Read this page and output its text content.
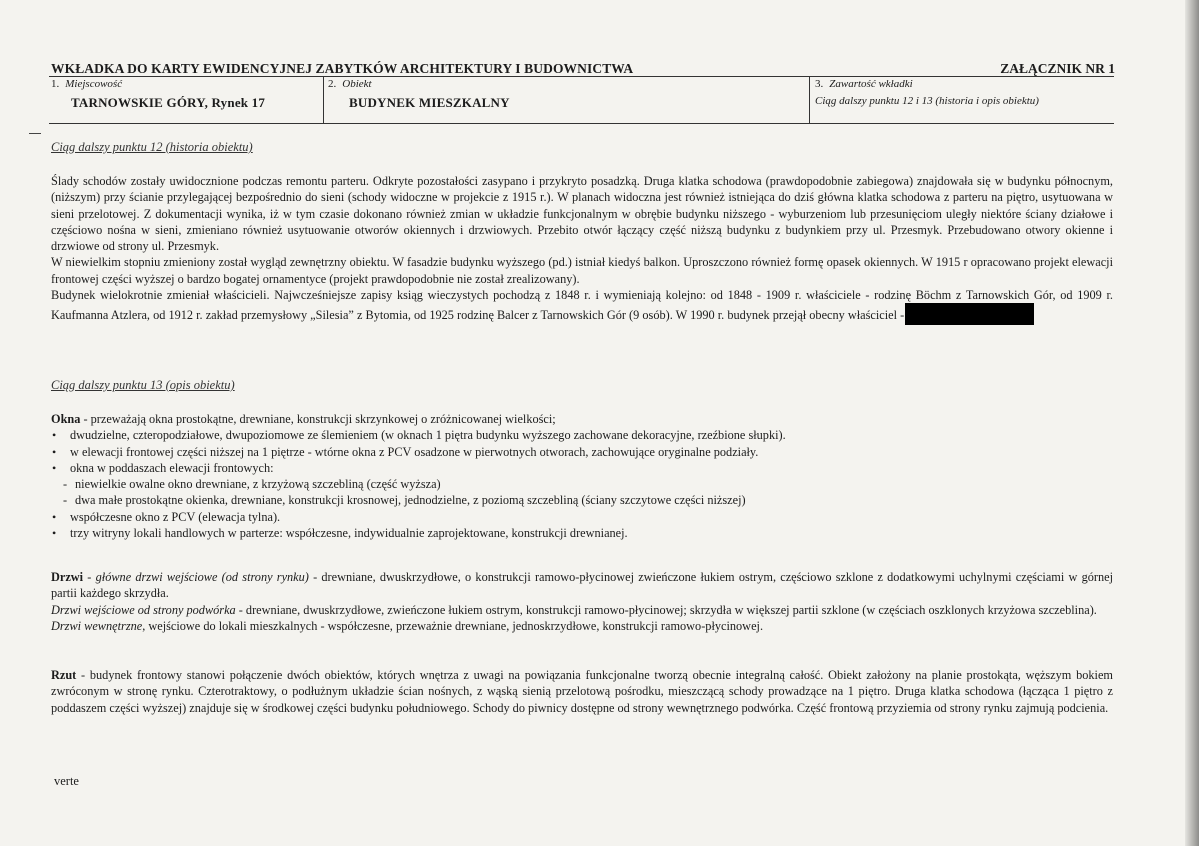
WKŁADKA DO KARTY EWIDENCYJNEJ ZABYTKÓW ARCHITEKTURY I BUDOWNICTWA	ZAŁĄCZNIK NR 1
1. Miejscowość
TARNOWSKIE GÓRY, Rynek 17
2. Obiekt
BUDYNEK MIESZKALNY
3. Zawartość wkładki
Ciąg dalszy punktu 12 i 13 (historia i opis obiektu)
Ciąg dalszy punktu 12 (historia obiektu)

Ślady schodów zostały uwidocznione podczas remontu parteru. Odkryte pozostałości zasypano i przykryto posadzką. Druga klatka schodowa (prawdopodobnie zabiegowa) znajdowała się w budynku północnym, (niższym) przy ścianie przylegającej bezpośrednio do sieni (schody widoczne w projekcie z 1915 r.). W planach widoczna jest również istniejąca do dziś główna klatka schodowa z parteru na piętro, usytuowana w sieni przelotowej. Z dokumentacji wynika, iż w tym czasie dokonano również zmian w układzie funkcjonalnym w obrębie budynku niższego - wyburzeniom lub przesunięciom uległy niektóre ściany działowe i częściowo nośna w sieni, zmieniano również usytuowanie otworów okiennych i drzwiowych. Przebito otwór łączący część niższą budynku z budynkiem przy ul. Przesmyk. Przebudowano otwory okienne i drzwiowe od strony ul. Przesmyk.

W niewielkim stopniu zmieniony został wygląd zewnętrzny obiektu. W fasadzie budynku wyższego (pd.) istniał kiedyś balkon. Uproszczono również formę opasek okiennych. W 1915 r opracowano projekt elewacji frontowej części wyższej o bardzo bogatej ornamentyce (projekt prawdopodobnie nie został zrealizowany).

Budynek wielokrotnie zmieniał właścicieli. Najwcześniejsze zapisy ksiąg wieczystych pochodzą z 1848 r. i wymieniają kolejno: od 1848 - 1909 r. właściciele - rodzinę Böchm z Tarnowskich Gór, od 1909 r. Kaufmanna Atzlera, od 1912 r. zakład przemysłowy „Silesia” z Bytomia, od 1925 rodzinę Balcer z Tarnowskich Gór (9 osób). W 1990 r. budynek przejął obecny właściciel -

Ciąg dalszy punktu 13 (opis obiektu)

Okna - przeważają okna prostokątne, drewniane, konstrukcji skrzynkowej o zróżnicowanej wielkości;

• dwudzielne, czteropodziałowe, dwupoziomowe ze ślemieniem (w oknach 1 piętra budynku wyższego zachowane dekoracyjne, rzeźbione słupki).
• w elewacji frontowej części niższej na 1 piętrze - wtórne okna z PCV osadzone w pierwotnych otworach, zachowujące oryginalne podziały.
• okna w poddaszach elewacji frontowych:
- niewielkie owalne okno drewniane, z krzyżową szczebliną (część wyższa)
- dwa małe prostokątne okienka, drewniane, konstrukcji krosnowej, jednodzielne, z poziomą szczebliną (ściany szczytowe części niższej)
• współczesne okno z PCV (elewacja tylna).
• trzy witryny lokali handlowych w parterze: współczesne, indywidualnie zaprojektowane, konstrukcji drewnianej.

Drzwi - główne drzwi wejściowe (od strony rynku) - drewniane, dwuskrzydłowe, o konstrukcji ramowo-płycinowej zwieńczone łukiem ostrym, częściowo szklone z dodatkowymi uchylnymi częściami w górnej partii każdego skrzydła.

Drzwi wejściowe od strony podwórka - drewniane, dwuskrzydłowe, zwieńczone łukiem ostrym, konstrukcji ramowo-płycinowej; skrzydła w większej partii szklone (w częściach oszklonych krzyżowa szczeblina).

Drzwi wewnętrzne, wejściowe do lokali mieszkalnych - współczesne, przeważnie drewniane, jednoskrzydłowe, konstrukcji ramowo-płycinowej.

Rzut - budynek frontowy stanowi połączenie dwóch obiektów, których wnętrza z uwagi na powiązania funkcjonalne tworzą obecnie integralną całość. Obiekt założony na planie prostokąta, węższym bokiem zwróconym w stronę rynku. Czterotraktowy, o podłużnym układzie ścian nośnych, z wąską sienią przelotową pośrodku, mieszczącą schody prowadzące na 1 piętro. Druga klatka schodowa (łącząca 1 piętro z poddaszem części wyższej) znajduje się w środkowej części budynku południowego. Schody do piwnicy dostępne od strony wewnętrznego podwórka. Część frontową przyziemia od strony rynku zajmują podcienia.

verte
